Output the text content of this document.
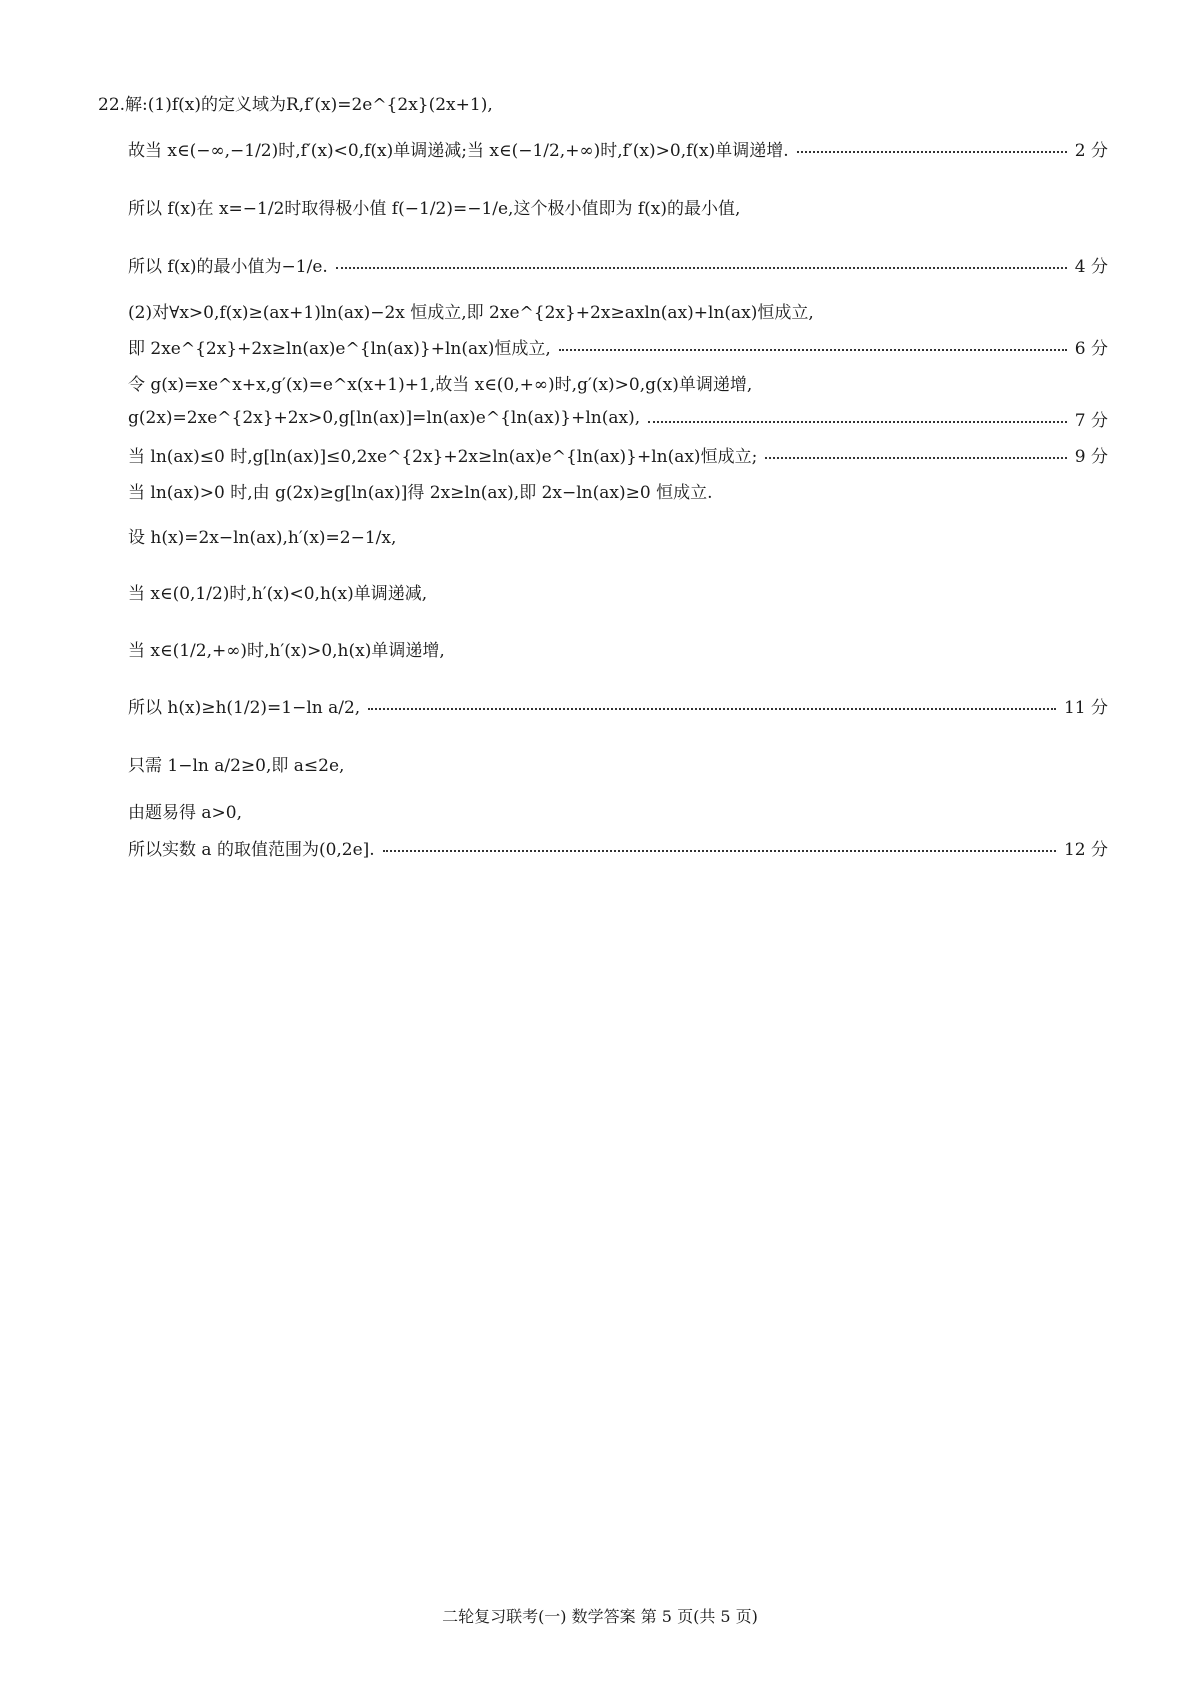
22.解:(1)f(x)的定义域为R,f′(x)=2e^{2x}(2x+1),
故当 x∈(−∞,−1/2)时,f′(x)<0,f(x)单调递减;当 x∈(−1/2,+∞)时,f′(x)>0,f(x)单调递增.	2 分
所以 f(x)在 x=−1/2时取得极小值 f(−1/2)=−1/e,这个极小值即为 f(x)的最小值,
所以 f(x)的最小值为−1/e.	4 分
(2)对∀x>0,f(x)≥(ax+1)ln(ax)−2x 恒成立,即 2xe^{2x}+2x≥axln(ax)+ln(ax)恒成立,
即 2xe^{2x}+2x≥ln(ax)e^{ln(ax)}+ln(ax)恒成立,	6 分
令 g(x)=xe^x+x,g′(x)=e^x(x+1)+1,故当 x∈(0,+∞)时,g′(x)>0,g(x)单调递增,
g(2x)=2xe^{2x}+2x>0,g[ln(ax)]=ln(ax)e^{ln(ax)}+ln(ax),	7 分
当 ln(ax)≤0 时,g[ln(ax)]≤0,2xe^{2x}+2x≥ln(ax)e^{ln(ax)}+ln(ax)恒成立;	9 分
当 ln(ax)>0 时,由 g(2x)≥g[ln(ax)]得 2x≥ln(ax),即 2x−ln(ax)≥0 恒成立.
设 h(x)=2x−ln(ax),h′(x)=2−1/x,
当 x∈(0,1/2)时,h′(x)<0,h(x)单调递减,
当 x∈(1/2,+∞)时,h′(x)>0,h(x)单调递增,
所以 h(x)≥h(1/2)=1−ln a/2,	11 分
只需 1−ln a/2≥0,即 a≤2e,
由题易得 a>0,
所以实数 a 的取值范围为(0,2e].	12 分
二轮复习联考(一) 数学答案 第 5 页(共 5 页)
